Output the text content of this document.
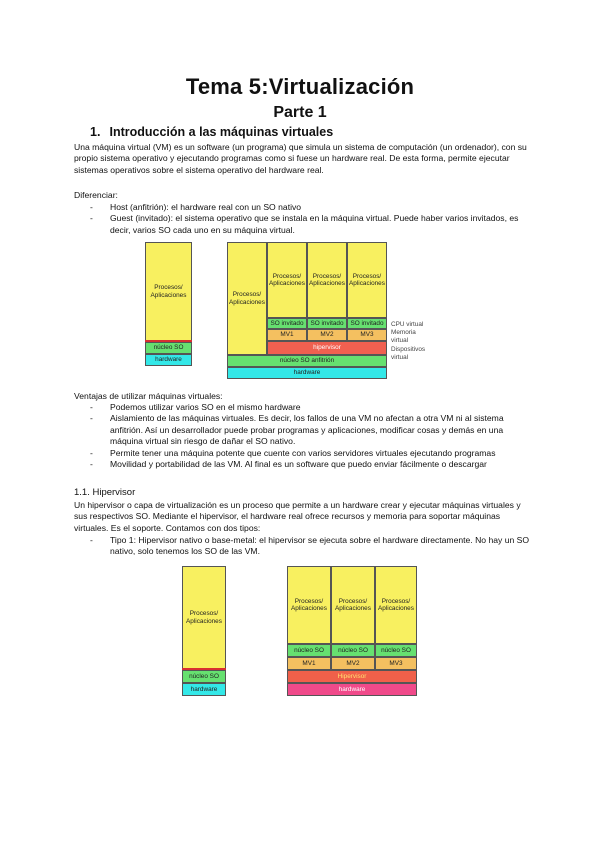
Tema 5:Virtualización
Parte 1
1. Introducción a las máquinas virtuales

Una máquina virtual (VM) es un software (un programa) que simula un sistema de computación (un ordenador), con su propio sistema operativo y ejecutando programas como si fuese un hardware real. De esta forma, permite ejecutar sistemas operativos sobre el sistema operativo del hardware real.

Diferenciar:
- Host (anfitrión): el hardware real con un SO nativo
- Guest (invitado): el sistema operativo que se instala en la máquina virtual. Puede haber varios invitados, es decir, varios SO cada uno en su máquina virtual.
Procesos/ Aplicaciones
núcleo SO
hardware
Procesos/ Aplicaciones
Procesos/ Aplicaciones
Procesos/ Aplicaciones
Procesos/ Aplicaciones
SO invitado	SO invitado	SO invitado
MV1	MV2	MV3
hipervisor
núcleo SO anfitrión
hardware
CPU virtual
Memoria virtual
Dispositivos virtual
Ventajas de utilizar máquinas virtuales:
- Podemos utilizar varios SO en el mismo hardware
- Aislamiento de las máquinas virtuales. Es decir, los fallos de una VM no afectan a otra VM ni al sistema anfitrión. Así un desarrollador puede probar programas y aplicaciones, modificar cosas y demás en una máquina virtual sin riesgo de dañar el SO nativo.
- Permite tener una máquina potente que cuente con varios servidores virtuales ejecutando programas
- Movilidad y portabilidad de las VM. Al final es un software que puedo enviar fácilmente o descargar
1.1. Hipervisor

Un hipervisor o capa de virtualización es un proceso que permite a un hardware crear y ejecutar máquinas virtuales y sus respectivos SO. Mediante el hipervisor, el hardware real ofrece recursos y memoria para soportar máquinas virtuales. Es el soporte. Contamos con dos tipos:

- Tipo 1: Hipervisor nativo o base-metal: el hipervisor se ejecuta sobre el hardware directamente. No hay un SO nativo, solo tenemos los SO de las VM.
Procesos/ Aplicaciones
núcleo SO
hardware
Procesos/ Aplicaciones
Procesos/ Aplicaciones
Procesos/ Aplicaciones
núcleo SO	núcleo SO	núcleo SO
MV1	MV2	MV3
Hipervisor
hardware
